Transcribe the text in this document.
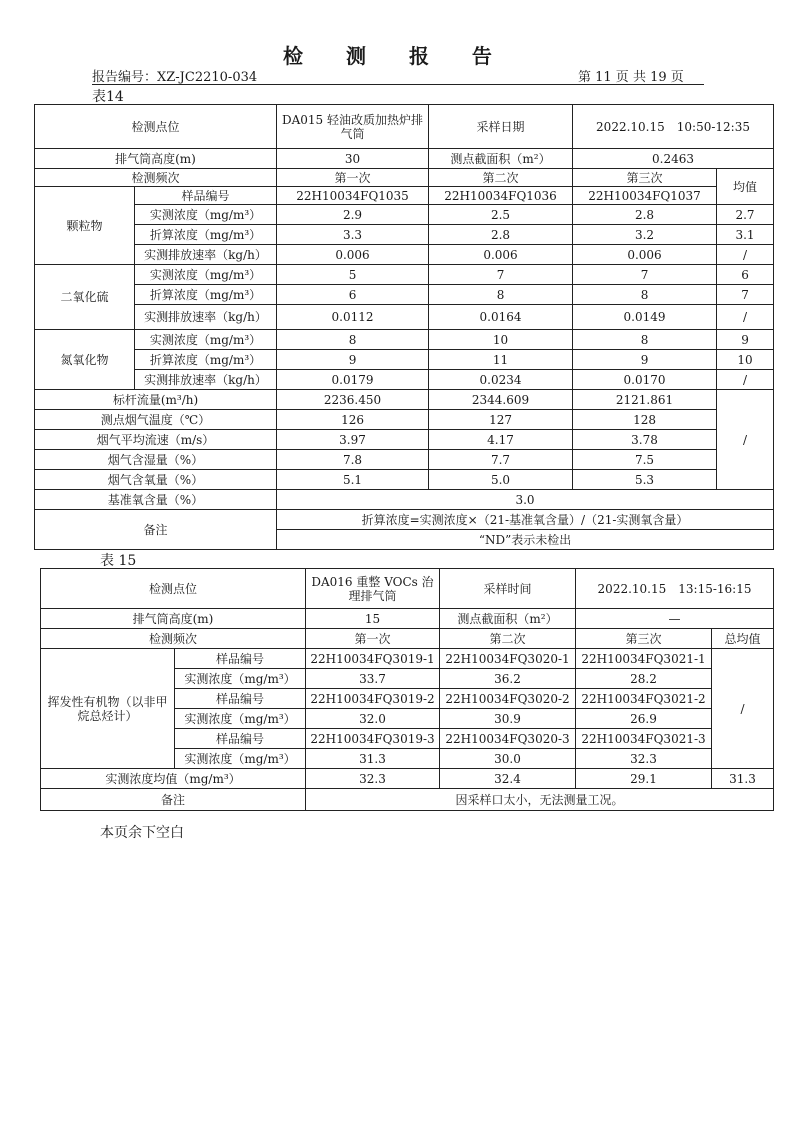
检 测 报 告
报告编号：XZ-JC2210-034	第 11 页 共 19 页
表14
检测点位		DA015 轻油改质加热炉排气筒	采样日期	2022.10.15　10:50-12:35	
排气筒高度(m)		30	测点截面积（m²）	0.2463	
检测频次		第一次	第二次	第三次	均值
颗粒物	样品编号	22H10034FQ1035	22H10034FQ1036	22H10034FQ1037	
	实测浓度（mg/m³）	2.9	2.5	2.8	2.7
	折算浓度（mg/m³）	3.3	2.8	3.2	3.1
	实测排放速率（kg/h）	0.006	0.006	0.006	/
二氧化硫	实测浓度（mg/m³）	5	7	7	6
	折算浓度（mg/m³）	6	8	8	7
	实测排放速率（kg/h）	0.0112	0.0164	0.0149	/
氮氧化物	实测浓度（mg/m³）	8	10	8	9
	折算浓度（mg/m³）	9	11	9	10
	实测排放速率（kg/h）	0.0179	0.0234	0.0170	/
标杆流量(m³/h)		2236.450	2344.609	2121.861	/
测点烟气温度（℃）		126	127	128	
烟气平均流速（m/s）		3.97	4.17	3.78	
烟气含湿量（%）		7.8	7.7	7.5	
烟气含氧量（%）		5.1	5.0	5.3	
基准氧含量（%）		3.0			
备注		折算浓度=实测浓度×（21-基准氧含量）/（21-实测氧含量）			
		“ND”表示未检出			
表 15
检测点位		DA016 重整 VOCs 治理排气筒	采样时间	2022.10.15　13:15-16:15	
排气筒高度(m)		15	测点截面积（m²）	—	
检测频次		第一次	第二次	第三次	总均值
挥发性有机物（以非甲烷总烃计）	样品编号	22H10034FQ3019-1	22H10034FQ3020-1	22H10034FQ3021-1	/
	实测浓度（mg/m³）	33.7	36.2	28.2	
	样品编号	22H10034FQ3019-2	22H10034FQ3020-2	22H10034FQ3021-2	
	实测浓度（mg/m³）	32.0	30.9	26.9	
	样品编号	22H10034FQ3019-3	22H10034FQ3020-3	22H10034FQ3021-3	
	实测浓度（mg/m³）	31.3	30.0	32.3	
实测浓度均值（mg/m³）		32.3	32.4	29.1	31.3
备注		因采样口太小，无法测量工况。			
本页余下空白
